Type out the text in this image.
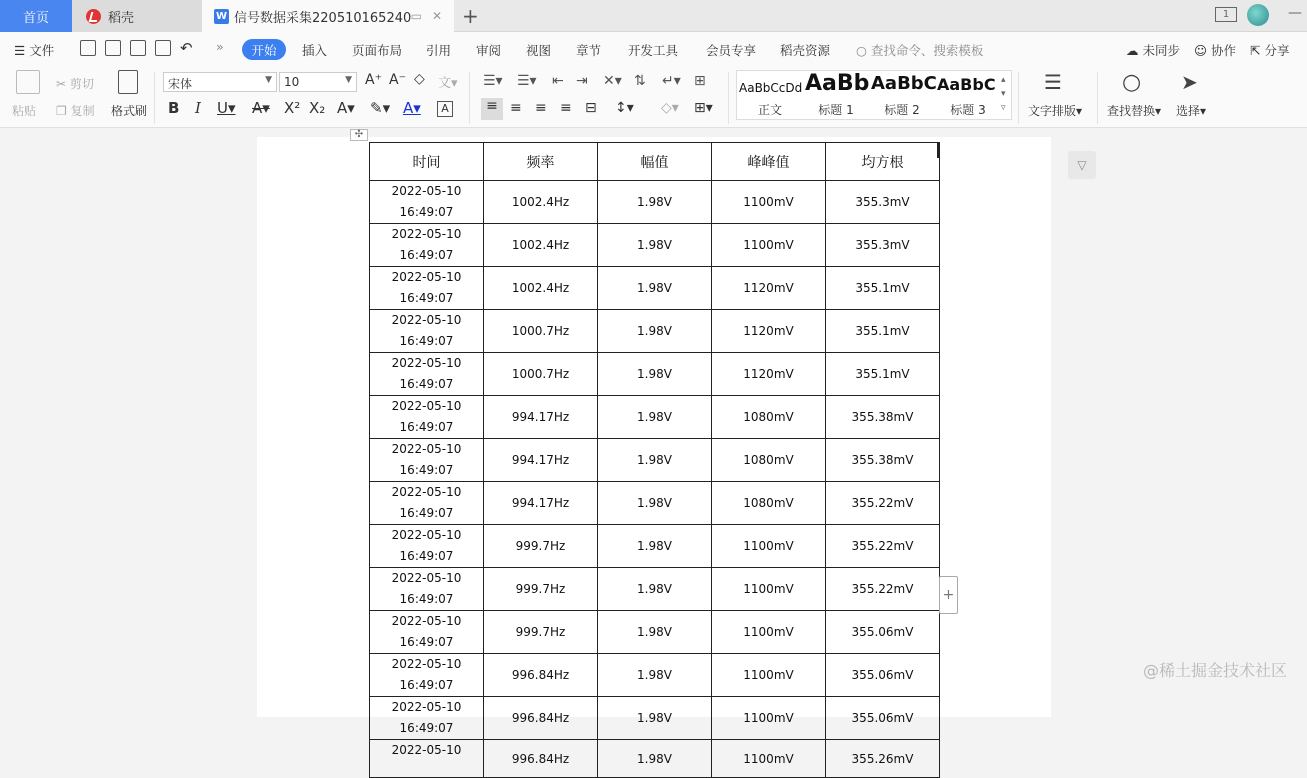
首页	稻壳	W 信号数据采集220510165240 ▭ ✕ +	1	—
☰ 文件	↶ »	开始	插入 页面布局 引用 审阅 视图 章节 开发工具 会员专享 稻壳资源 ○ 查找命令、搜索模板	☁ 未同步 ☺ 协作 ⇱ 分享
粘贴
✂ 剪切
❐ 复制 格式刷
宋体	▼	10	▼ A⁺ A⁻ ◇ 文▾
B I U▾ A▾ X² X₂ A▾ ✎▾ A▾	A
☰▾ ☰▾ ⇤ ⇥ ✕▾ ⇅ ↵▾ ⊞
≡ ≡ ≡ ≡ ⊟ ↕▾ ◇▾ ⊞▾
AaBbCcDd
正文
AaBb
标题 1
AaBbC
标题 2
AaBbC
标题 3
▴
▾
▿
☰
文字排版▾
○
查找替换▾
➤
选择▾
✣
▽
时间	频率	幅值	峰峰值	均方根
2022-05-10 16:49:07	1002.4Hz	1.98V	1100mV	355.3mV
2022-05-10 16:49:07	1002.4Hz	1.98V	1100mV	355.3mV
2022-05-10 16:49:07	1002.4Hz	1.98V	1120mV	355.1mV
2022-05-10 16:49:07	1000.7Hz	1.98V	1120mV	355.1mV
2022-05-10 16:49:07	1000.7Hz	1.98V	1120mV	355.1mV
2022-05-10 16:49:07	994.17Hz	1.98V	1080mV	355.38mV
2022-05-10 16:49:07	994.17Hz	1.98V	1080mV	355.38mV
2022-05-10 16:49:07	994.17Hz	1.98V	1080mV	355.22mV
2022-05-10 16:49:07	999.7Hz	1.98V	1100mV	355.22mV
2022-05-10 16:49:07	999.7Hz	1.98V	1100mV	355.22mV
2022-05-10 16:49:07	999.7Hz	1.98V	1100mV	355.06mV
2022-05-10 16:49:07	996.84Hz	1.98V	1100mV	355.06mV
2022-05-10 16:49:07	996.84Hz	1.98V	1100mV	355.06mV
2022-05-10	996.84Hz	1.98V	1100mV	355.26mV
+
@稀土掘金技术社区
